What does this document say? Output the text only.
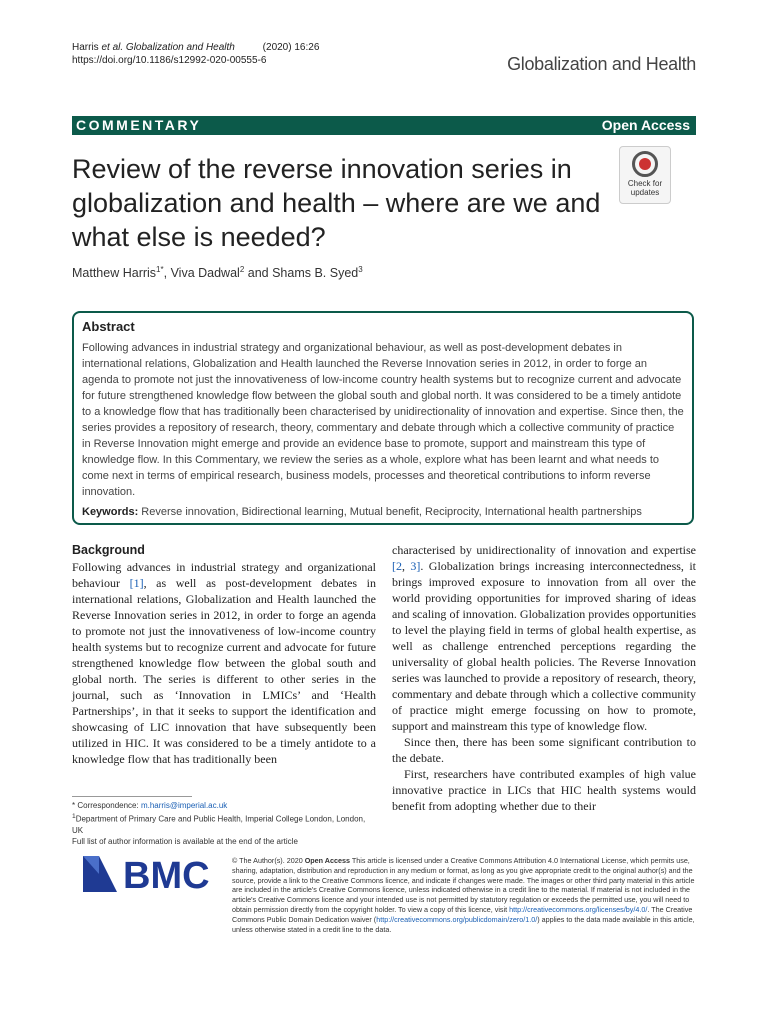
Harris et al. Globalization and Health	(2020) 16:26
https://doi.org/10.1186/s12992-020-00555-6	Globalization and Health
COMMENTARY	Open Access
Review of the reverse innovation series in globalization and health – where are we and what else is needed?
Check for
updates
Matthew Harris$^{1*}$, Viva Dadwal$^2$ and Shams B. Syed$^3$
Abstract
Following advances in industrial strategy and organizational behaviour, as well as post-development debates in international relations, Globalization and Health launched the Reverse Innovation series in 2012, in order to forge an agenda to promote not just the innovativeness of low-income country health systems but to recognize current and advocate for future strengthened knowledge flow between the global south and global north. It was considered to be a timely antidote to a knowledge flow that has traditionally been characterised by unidirectionality of innovation and expertise. Since then, the series provides a repository of research, theory, commentary and debate through which a collective community of practice in Reverse Innovation might emerge and provide an evidence base to promote, support and mainstream this type of knowledge flow. In this Commentary, we review the series as a whole, explore what has been learnt and what needs to come next in terms of empirical research, business models, processes and theoretical contributions to inform reverse innovation.
Keywords: Reverse innovation, Bidirectional learning, Mutual benefit, Reciprocity, International health partnerships
Background
Following advances in industrial strategy and organizational behaviour [1], as well as post-development debates in international relations, Globalization and Health launched the Reverse Innovation series in 2012, in order to forge an agenda to promote not just the innovativeness of low-income country health systems but to recognize current and advocate for future strengthened knowledge flow between the global south and global north. The series is different to other series in the journal, such as ‘Innovation in LMICs’ and ‘Health Partnerships’, in that it seeks to support the identification and showcasing of LIC innovation that have subsequently been utilized in HIC. It was considered to be a timely antidote to a knowledge flow that has traditionally been
characterised by unidirectionality of innovation and expertise [2, 3]. Globalization brings increasing interconnectedness, it brings improved exposure to innovation from all over the world providing opportunities for improved sharing of ideas and scaling of innovation. Globalization provides opportunities to level the playing field in terms of global health expertise, as well as challenge entrenched perceptions regarding the universality of global health policies. The Reverse Innovation series was launched to provide a repository of research, theory, commentary and debate through which a collective community of practice might emerge focussing on how to promote, support and mainstream this type of knowledge flow.
Since then, there has been some significant contribution to the debate.
First, researchers have contributed examples of high value innovative practice in LICs that HIC health systems would benefit from adopting whether due to their
* Correspondence: m.harris@imperial.ac.uk
$^1$Department of Primary Care and Public Health, Imperial College London, London, UK
Full list of author information is available at the end of the article
BMC	© The Author(s). 2020 Open Access This article is licensed under a Creative Commons Attribution 4.0 International License, which permits use, sharing, adaptation, distribution and reproduction in any medium or format, as long as you give appropriate credit to the original author(s) and the source, provide a link to the Creative Commons licence, and indicate if changes were made. The images or other third party material in this article are included in the article's Creative Commons licence, unless indicated otherwise in a credit line to the material. If material is not included in the article's Creative Commons licence and your intended use is not permitted by statutory regulation or exceeds the permitted use, you will need to obtain permission directly from the copyright holder. To view a copy of this licence, visit http://creativecommons.org/licenses/by/4.0/. The Creative Commons Public Domain Dedication waiver (http://creativecommons.org/publicdomain/zero/1.0/) applies to the data made available in this article, unless otherwise stated in a credit line to the data.
